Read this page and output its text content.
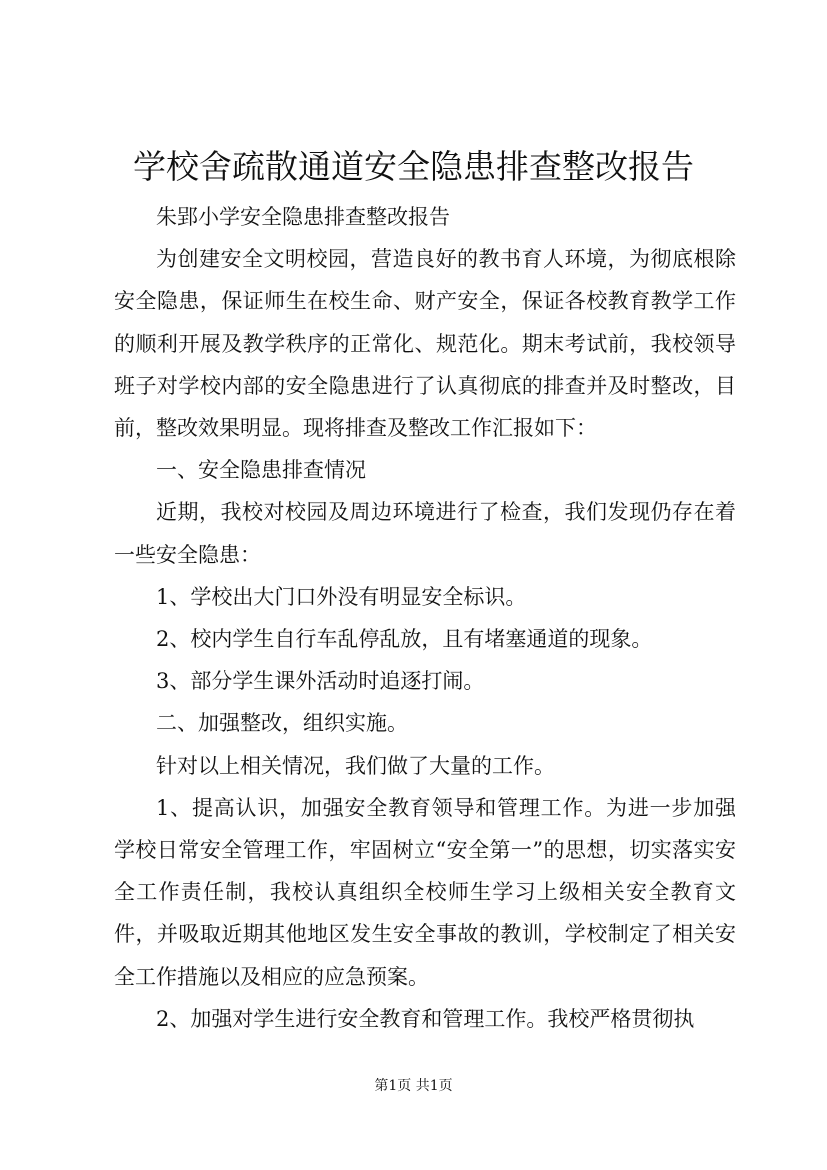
学校舍疏散通道安全隐患排查整改报告

朱郢小学安全隐患排查整改报告

为创建安全文明校园，营造良好的教书育人环境，为彻底根除安全隐患，保证师生在校生命、财产安全，保证各校教育教学工作的顺利开展及教学秩序的正常化、规范化。期末考试前，我校领导班子对学校内部的安全隐患进行了认真彻底的排查并及时整改，目前，整改效果明显。现将排查及整改工作汇报如下：

一、安全隐患排查情况

近期，我校对校园及周边环境进行了检查，我们发现仍存在着一些安全隐患：

1、学校出大门口外没有明显安全标识。

2、校内学生自行车乱停乱放，且有堵塞通道的现象。

3、部分学生课外活动时追逐打闹。

二、加强整改，组织实施。

针对以上相关情况，我们做了大量的工作。

1、提高认识，加强安全教育领导和管理工作。为进一步加强学校日常安全管理工作，牢固树立“安全第一”的思想，切实落实安全工作责任制，我校认真组织全校师生学习上级相关安全教育文件，并吸取近期其他地区发生安全事故的教训，学校制定了相关安全工作措施以及相应的应急预案。

2、加强对学生进行安全教育和管理工作。我校严格贯彻执

第1页 共1页
